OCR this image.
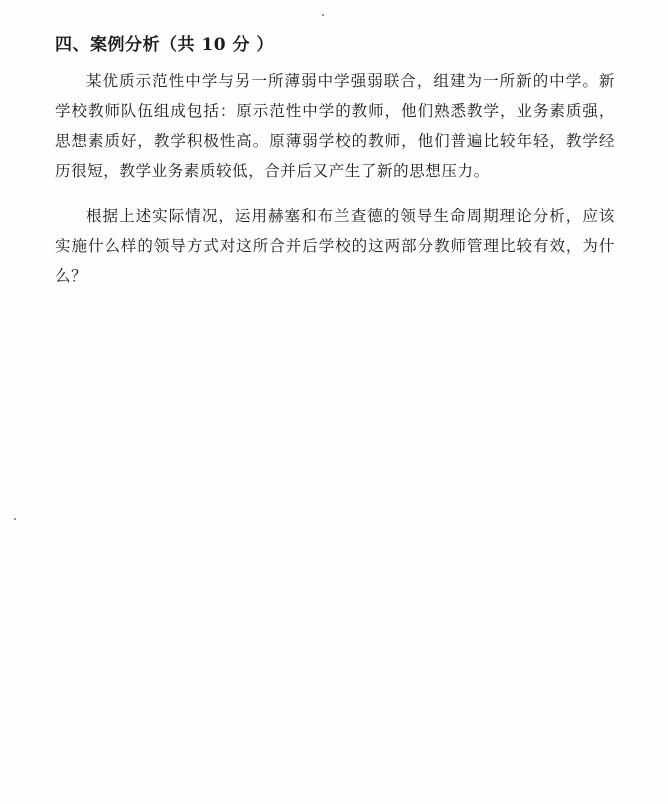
四、案例分析（共 10 分 ）

某优质示范性中学与另一所薄弱中学强弱联合，组建为一所新的中学。新学校教师队伍组成包括：原示范性中学的教师，他们熟悉教学，业务素质强，思想素质好，教学积极性高。原薄弱学校的教师，他们普遍比较年轻，教学经历很短，教学业务素质较低，合并后又产生了新的思想压力。

根据上述实际情况，运用赫塞和布兰查德的领导生命周期理论分析，应该实施什么样的领导方式对这所合并后学校的这两部分教师管理比较有效，为什么？
